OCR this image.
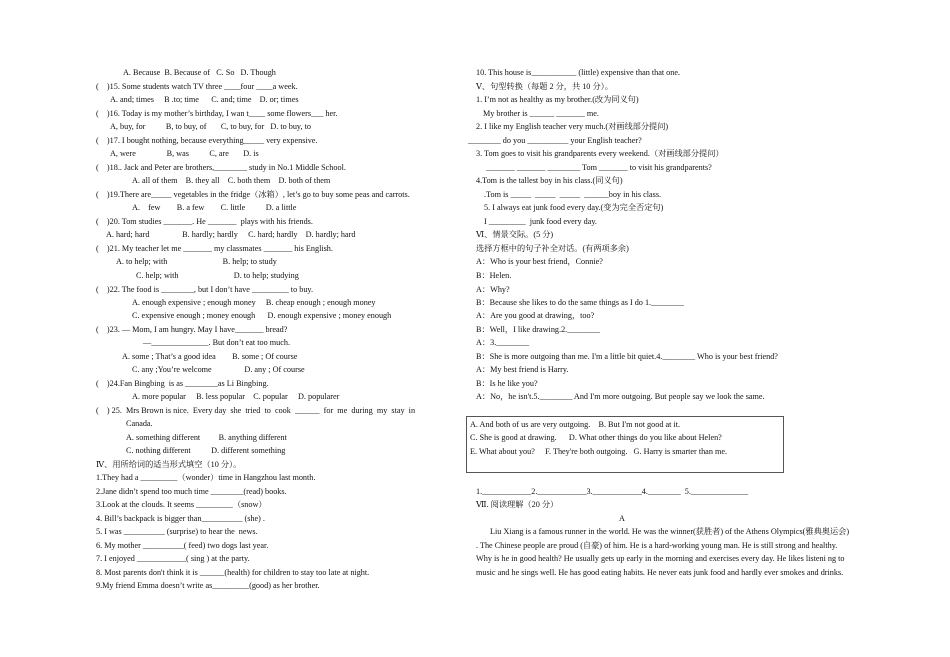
A. Because  B. Because of   C. So   D. Though
(    )15. Some students watch TV three ____four ____a week.
A. and; times     B .to; time      C. and; time    D. or; times
(    )16. Today is my mother’s birthday, I wan t____ some flowers___ her.
A, buy, for          B, to buy, of       C, to buy, for   D. to buy, to
(    )17. I bought nothing, because everything_____ very expensive.
A, were               B, was          C, are       D. is
(    )18.. Jack and Peter are brothers,________ study in No.1 Middle School.
A. all of them    B. they all    C. both them    D. both of them
(    )19.There are_____ vegetables in the fridge（冰箱）, let’s go to buy some peas and carrots.
A.    few        B. a few        C. little          D. a little
(    )20. Tom studies _______. He _______  plays with his friends.
A. hard; hard                B. hardly; hardly     C. hard; hardly    D. hardly; hard
(    )21. My teacher let me _______ my classmates _______ his English.
A. to help; with                           B. help; to study
C. help; with                           D. to help; studying
(    )22. The food is ________, but I don’t have _________ to buy.
A. enough expensive ; enough money     B. cheap enough ; enough money
C. expensive enough ; money enough      D. enough expensive ; money enough
(    )23. — Mom, I am hungry. May I have_______ bread?
—______________. But don’t eat too much.
A. some ; That’s a good idea        B. some ; Of course
C. any ;You’re welcome                D. any ; Of course
(    )24.Fan Bingbing  is as ________as Li Bingbing.
A. more popular     B. less popular    C. popular     D. popularer
(    ) 25.  Mrs Brown is nice.  Every day  she  tried  to  cook  ______  for  me  during  my  stay  in
Canada.
A. something different         B. anything different
C. nothing different          D. different something
Ⅳ、用所给词的适当形式填空（10 分）。
1.They had a _________（wonder）time in Hangzhou last month.
2.Jane didn’t spend too much time ________(read) books.
3.Look at the clouds. It seems _________（snow）
4. Bill’s backpack is bigger than__________ (she) .
5. I was __________ (surprise) to hear the  news.
6. My mother __________( feed) two dogs last year.
7. I enjoyed ____________( sing ) at the party.
8. Most parents don't think it is ______(health) for children to stay too late at night.
9.My friend Emma doesn’t write as_________(good) as her brother.
10. This house is___________ (little) expensive than that one.
Ⅴ、句型转换（每题 2 分，共 10 分）。
1. I’m not as healthy as my brother.(改为同义句)
My brother is ______ _______ me.
2. I like my English teacher very much.(对画线部分提问)
________ do you __________ your English teacher?
3. Tom goes to visit his grandparents every weekend.（对画线部分提问）
_______ _______ ________ Tom _______ to visit his grandparents?
4.Tom is the tallest boy in his class.(同义句)
.Tom is _____  _____  _____  ______boy in his class.
5. I always eat junk food every day.(变为完全否定句)
I _________  junk food every day.
Ⅵ、情景交际。(5 分)
选择方框中的句子补全对话。(有两项多余)
A：Who is your best friend，Connie?
B：Helen.
A：Why?
B：Because she likes to do the same things as I do 1.________
A：Are you good at drawing，too?
B：Well，I like drawing.2.________
A：3.________
B：She is more outgoing than me. I'm a little bit quiet.4.________ Who is your best friend?
A：My best friend is Harry.
B：Is he like you?
A：No，he isn't.5.________ And I'm more outgoing. But people say we look the same.
A. And both of us are very outgoing.    B. But I'm not good at it.
C. She is good at drawing.      D. What other things do you like about Helen?
E. What about you?     F. They're both outgoing.   G. Harry is smarter than me.
1.____________2.____________3.____________4.________  5.______________
Ⅶ. 阅读理解（20 分）
A
Liu Xiang is a famous runner in the world. He was the winner(获胜者) of the Athens Olympics(雅典奥运会)
. The Chinese people are proud (自豪) of him. He is a hard-working young man. He is still strong and healthy.
Why is he in good health? He usually gets up early in the morning and exercises every day. He likes listeni ng to
music and he sings well. He has good eating habits. He never eats junk food and hardly ever smokes and drinks.
